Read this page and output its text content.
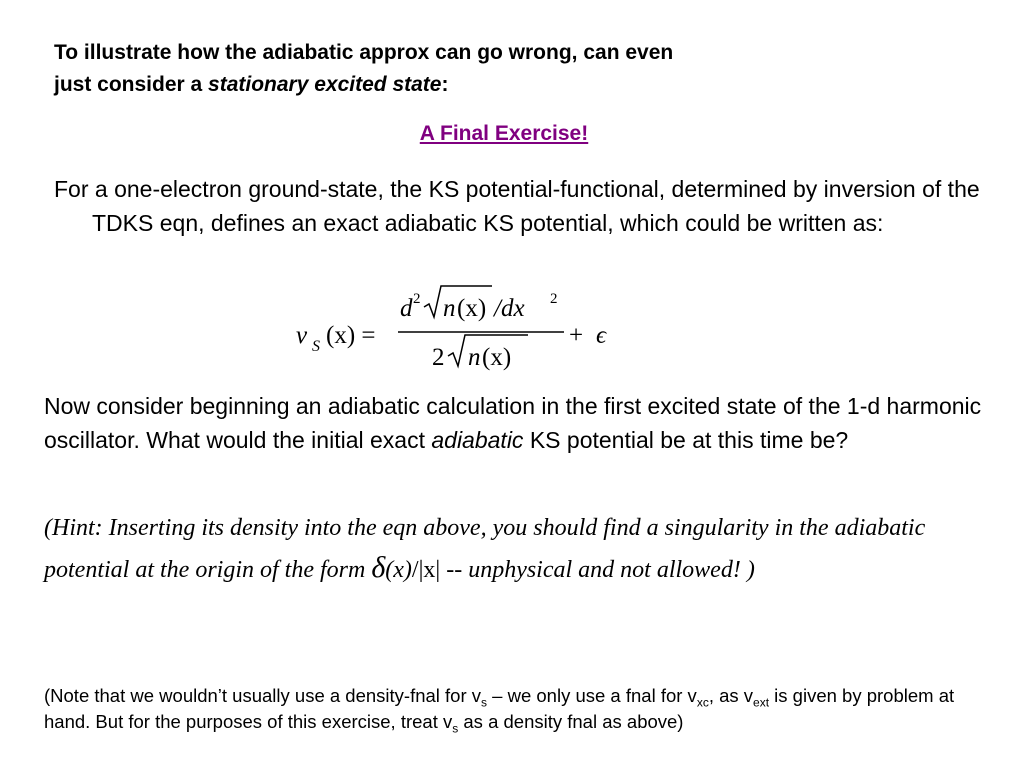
To illustrate how the adiabatic approx can go wrong, can even
just consider a stationary excited state:
A Final Exercise!
For a one-electron ground-state, the KS potential-functional, determined by inversion of the TDKS eqn, defines an exact adiabatic KS potential, which could be written as:
v S (x) =
d 2 n (x) /dx 2
2 n (x)
+ ϵ
Now consider beginning an adiabatic calculation in the first excited state of the 1-d harmonic oscillator. What would the initial exact adiabatic KS potential be at this time be?
(Hint: Inserting its density into the eqn above, you should find a singularity in the adiabatic potential at the origin of the form δ(x)/|x| -- unphysical and not allowed! )
(Note that we wouldn’t usually use a density-fnal for $v_s$ – we only use a fnal for $v_{xc}$, as $v_{ext}$ is given by problem at hand. But for the purposes of this exercise, treat $v_s$ as a density fnal as above)
